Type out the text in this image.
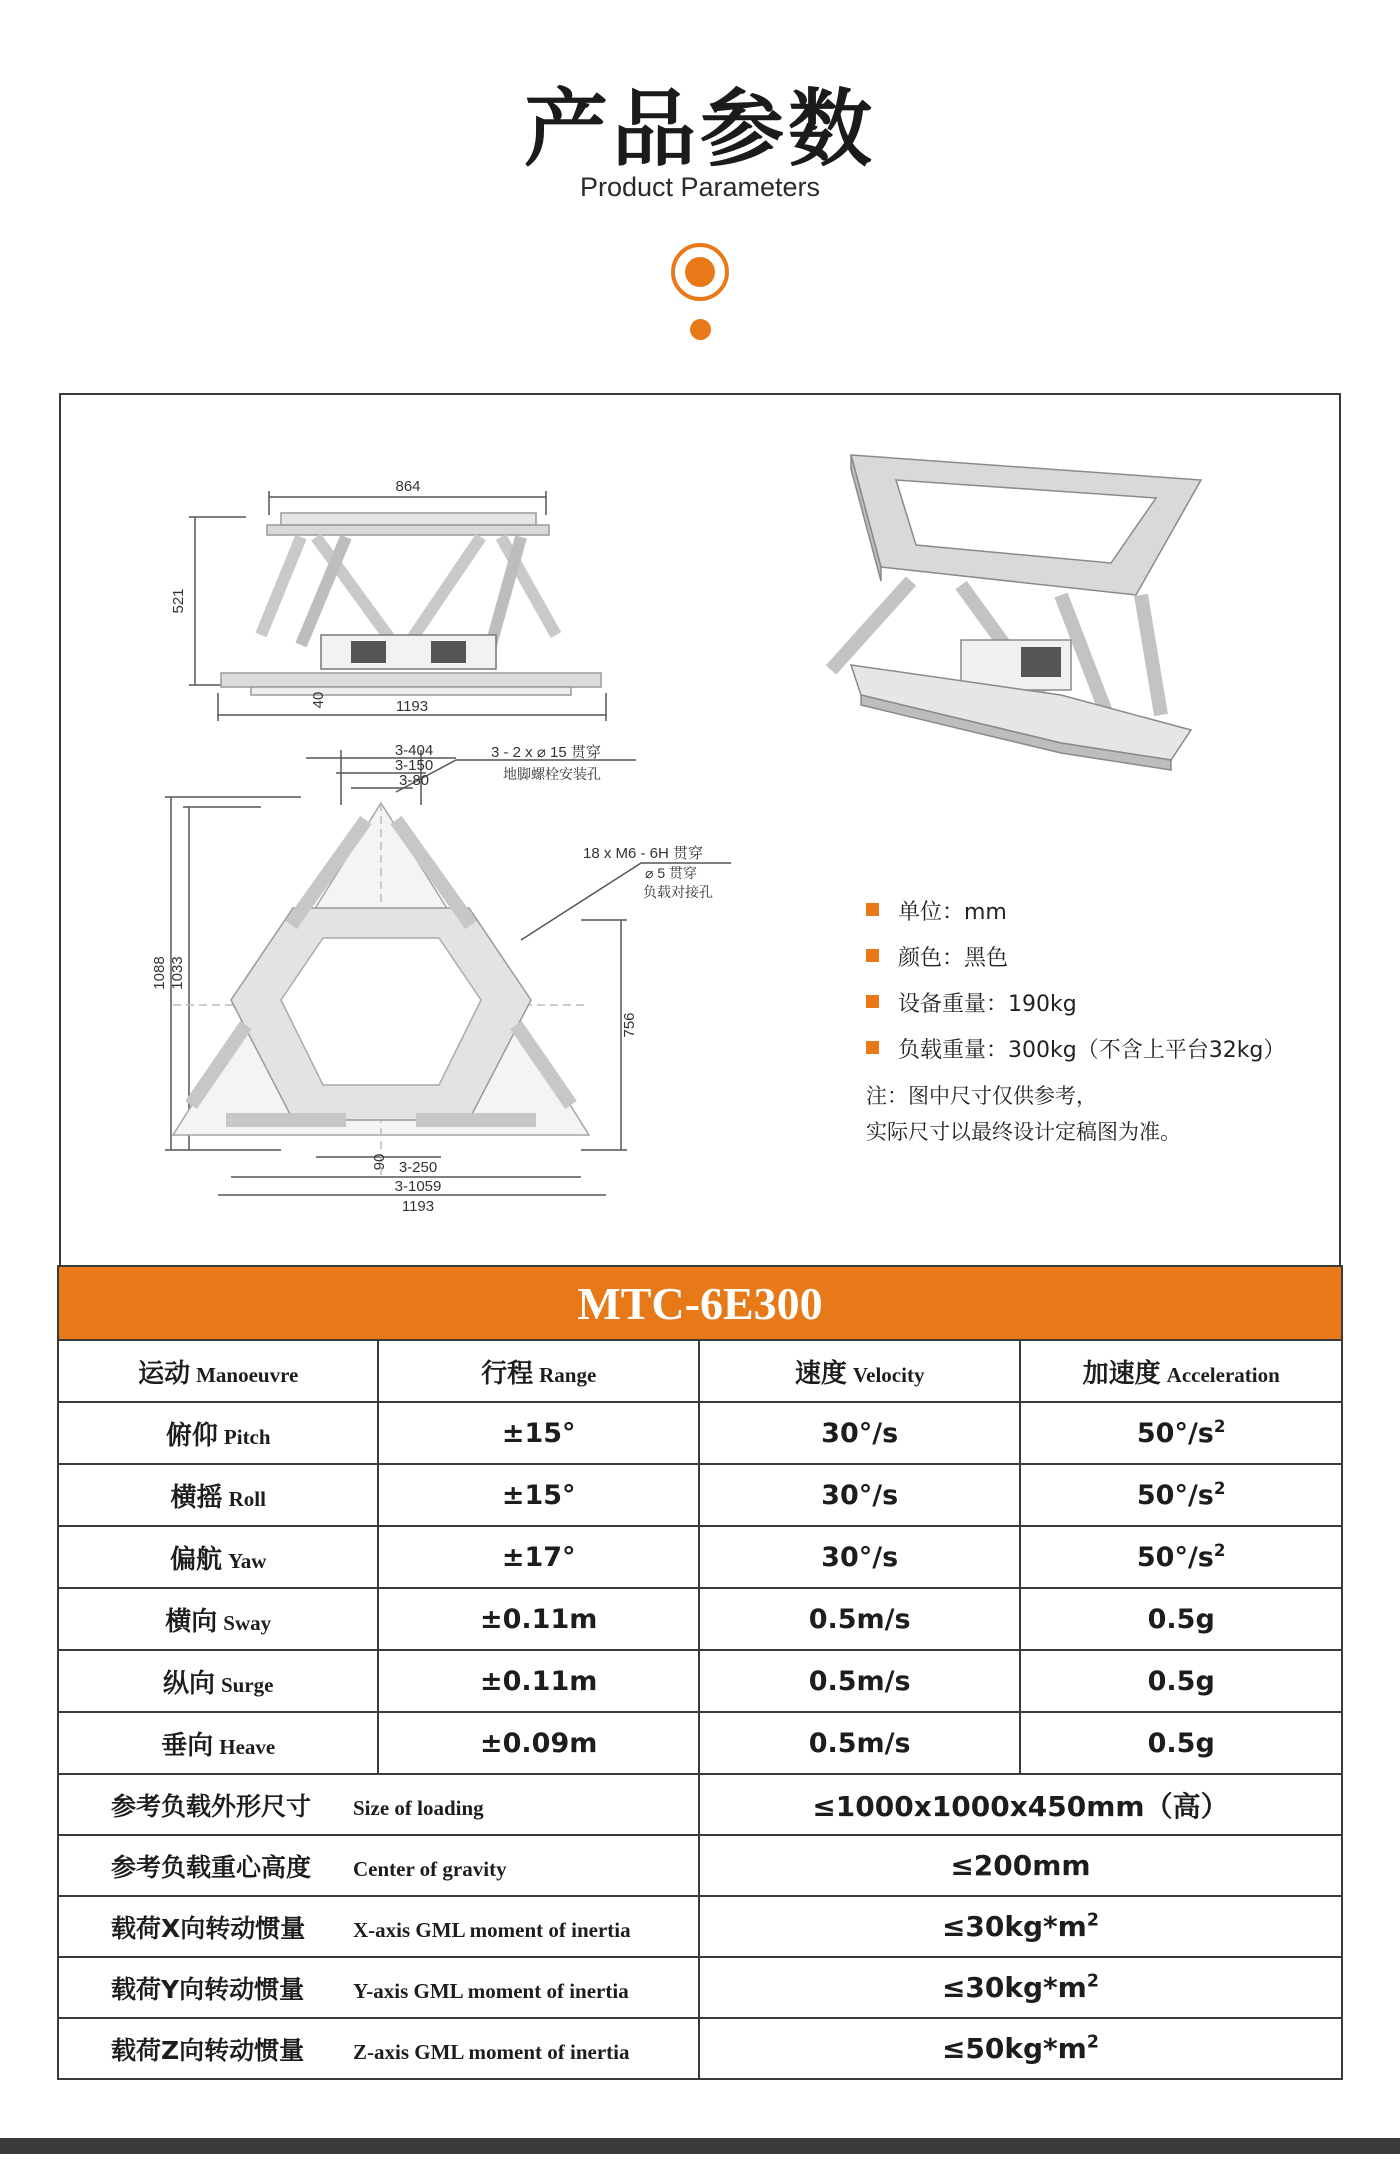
产品参数
Product Parameters
864
521
1193
40
3-404
3-150
3-80
1088 1033
756
90 3-250
3-1059
1193
3 - 2 x ⌀ 15 贯穿
地脚螺栓安装孔
18 x M6 - 6H 贯穿
⌀ 5 贯穿
负载对接孔
单位：mm
颜色：黑色
设备重量：190kg
负载重量：300kg（不含上平台32kg）
注：图中尺寸仅供参考，
实际尺寸以最终设计定稿图为准。
MTC-6E300			
运动 Manoeuvre	行程 Range	速度 Velocity	加速度 Acceleration
俯仰 Pitch	±15°	30°/s	$50^\circ/s^2$
横摇 Roll	±15°	30°/s	$50^\circ/s^2$
偏航 Yaw	±17°	30°/s	$50^\circ/s^2$
横向 Sway	±0.11m	0.5m/s	0.5g
纵向 Surge	±0.11m	0.5m/s	0.5g
垂向 Heave	±0.09m	0.5m/s	0.5g
参考负载外形尺寸 Size of loading		≤1000x1000x450mm（高）	
参考负载重心高度 Center of gravity		≤200mm	
载荷X向转动惯量 X-axis GML moment of inertia		$\le 30kg*m^2$
载荷Y向转动惯量 Y-axis GML moment of inertia		$\le 30kg*m^2$
载荷Z向转动惯量 Z-axis GML moment of inertia		$\le 50kg*m^2$
